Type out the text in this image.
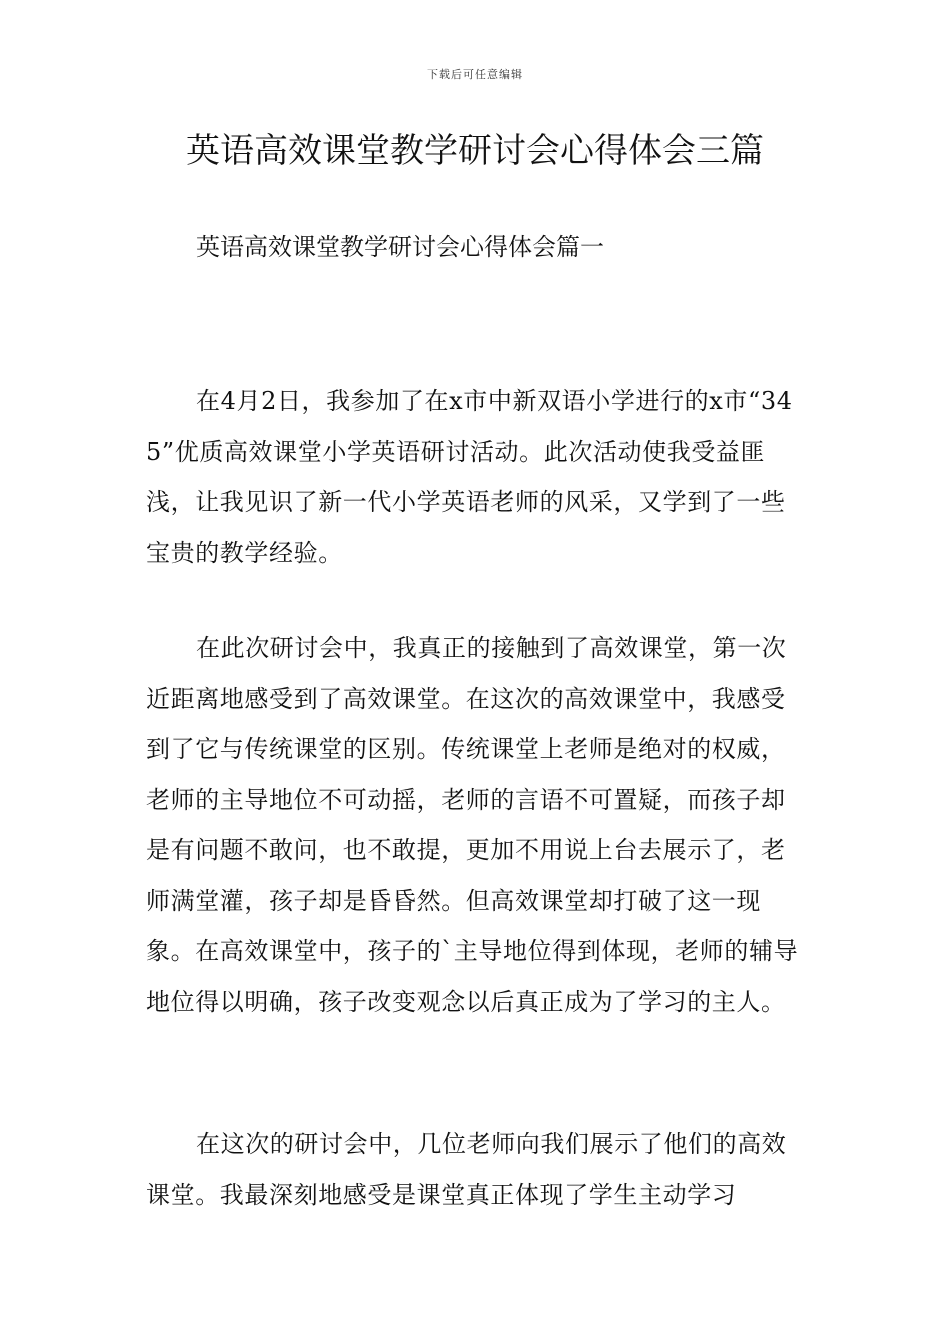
下载后可任意编辑
英语高效课堂教学研讨会心得体会三篇
英语高效课堂教学研讨会心得体会篇一

在4月2日，我参加了在x市中新双语小学进行的x市“345”优质高效课堂小学英语研讨活动。此次活动使我受益匪浅，让我见识了新一代小学英语老师的风采，又学到了一些宝贵的教学经验。

在此次研讨会中，我真正的接触到了高效课堂，第一次近距离地感受到了高效课堂。在这次的高效课堂中，我感受到了它与传统课堂的区别。传统课堂上老师是绝对的权威，老师的主导地位不可动摇，老师的言语不可置疑，而孩子却是有问题不敢问，也不敢提，更加不用说上台去展示了，老师满堂灌，孩子却是昏昏然。但高效课堂却打破了这一现象。在高效课堂中，孩子的`主导地位得到体现，老师的辅导地位得以明确，孩子改变观念以后真正成为了学习的主人。

在这次的研讨会中，几位老师向我们展示了他们的高效课堂。我最深刻地感受是课堂真正体现了学生主动学习
